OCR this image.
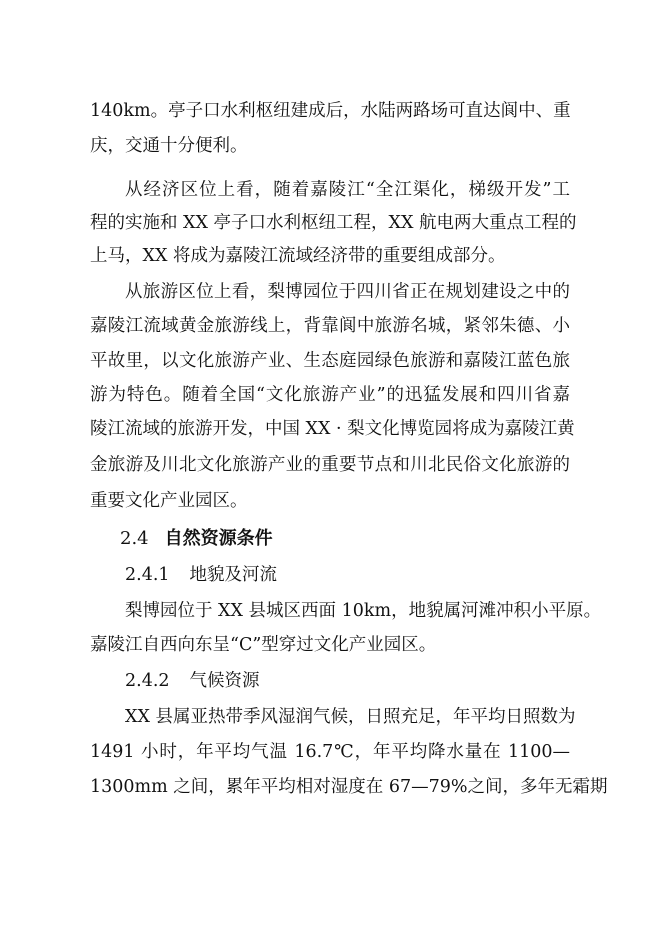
140km。亭子口水利枢纽建成后，水陆两路场可直达阆中、重
庆，交通十分便利。
从经济区位上看，随着嘉陵江“全江渠化，梯级开发”工
程的实施和 XX 亭子口水利枢纽工程，XX 航电两大重点工程的
上马，XX 将成为嘉陵江流域经济带的重要组成部分。
从旅游区位上看，梨博园位于四川省正在规划建设之中的
嘉陵江流域黄金旅游线上，背靠阆中旅游名城，紧邻朱德、小
平故里，以文化旅游产业、生态庭园绿色旅游和嘉陵江蓝色旅
游为特色。随着全国“文化旅游产业”的迅猛发展和四川省嘉
陵江流域的旅游开发，中国 XX · 梨文化博览园将成为嘉陵江黄
金旅游及川北文化旅游产业的重要节点和川北民俗文化旅游的
重要文化产业园区。
2.4 自然资源条件
2.4.1 地貌及河流
梨博园位于 XX 县城区西面 10km，地貌属河滩冲积小平原。
嘉陵江自西向东呈“C”型穿过文化产业园区。
2.4.2 气候资源
XX 县属亚热带季风湿润气候，日照充足，年平均日照数为
1491 小时，年平均气温 16.7℃，年平均降水量在 1100—
1300mm 之间，累年平均相对湿度在 67—79%之间，多年无霜期
